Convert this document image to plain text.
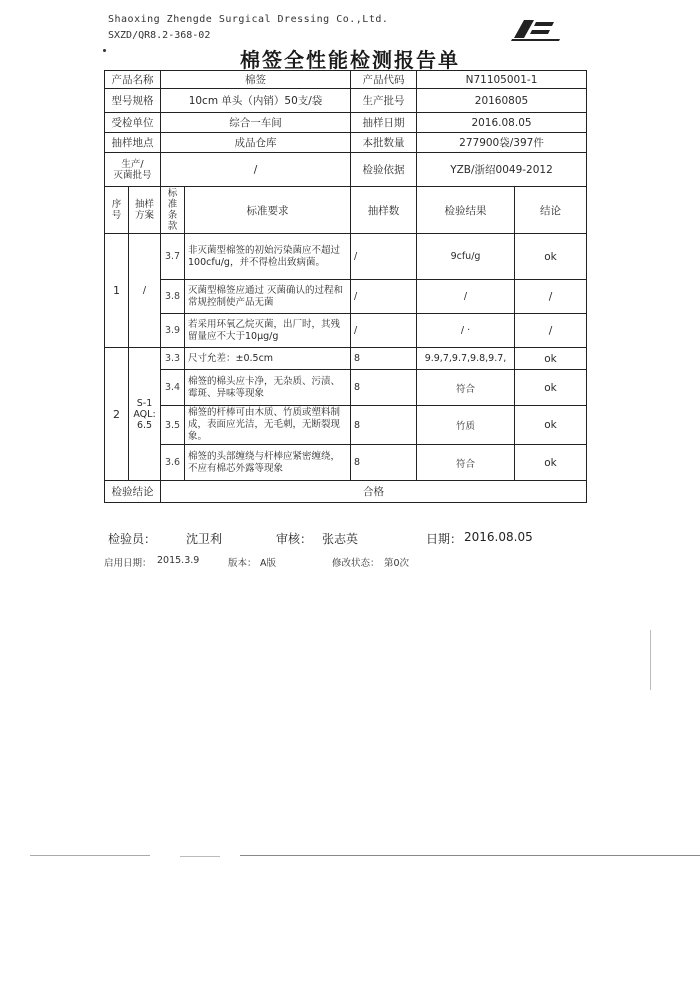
Shaoxing Zhengde Surgical Dressing Co.,Ltd.
SXZD/QR8.2-368-02
棉签全性能检测报告单
产品名称		棉签		产品代码	N71105001-1	
型号规格		10cm 单头（内销）50支/袋		生产批号	20160805	
受检单位		综合一车间		抽样日期	2016.08.05	
抽样地点		成品仓库		本批数量	277900袋/397件	
生产/
灭菌批号		/		检验依据	YZB/浙绍0049-2012	
序号	抽样方案	标准条款	标准要求	抽样数	检验结果	结论
1	/	3.7	非灭菌型棉签的初始污染菌应不超过100cfu/g，并不得检出致病菌。	/	9cfu/g	ok
		3.8	灭菌型棉签应通过 灭菌确认的过程和常规控制使产品无菌	/	/	/
		3.9	若采用环氧乙烷灭菌，出厂时，其残留量应不大于10μg/g	/	/ ·	/
2	S-1
AQL:
6.5	3.3	尺寸允差：±0.5cm	8	9.9,7,9.7,9.8,9.7,	ok
		3.4	棉签的棉头应卡净，无杂质、污渍、霉斑、异味等现象	8	符合	ok
		3.5	棉签的杆棒可由木质、竹质或塑料制成，表面应光洁，无毛刺，无断裂现象。	8	竹质	ok
		3.6	棉签的头部缠绕与杆棒应紧密缠绕，不应有棉芯外露等现象	8	符合	ok
检验结论		合格				
检验员： 沈卫利	审核： 张志英	日期： 2016.08.05
启用日期： 2015.3.9	版本： A版	修改状态： 第0次
